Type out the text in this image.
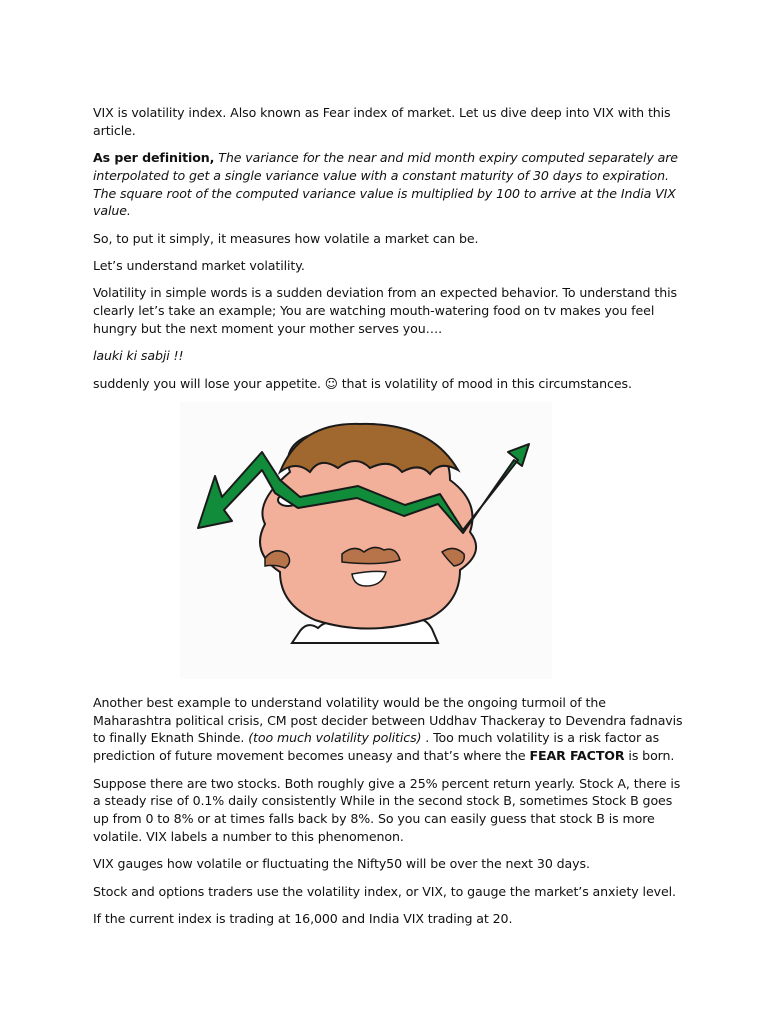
VIX is volatility index. Also known as Fear index of market. Let us dive deep into VIX with this article.

As per definition, The variance for the near and mid month expiry computed separately are interpolated to get a single variance value with a constant maturity of 30 days to expiration. The square root of the computed variance value is multiplied by 100 to arrive at the India VIX value.

So, to put it simply, it measures how volatile a market can be.

Let’s understand market volatility.

Volatility in simple words is a sudden deviation from an expected behavior. To understand this clearly let’s take an example; You are watching mouth-watering food on tv makes you feel hungry but the next moment your mother serves you….

lauki ki sabji !!

suddenly you will lose your appetite. ☺ that is volatility of mood in this circumstances.

Another best example to understand volatility would be the ongoing turmoil of the Maharashtra political crisis, CM post decider between Uddhav Thackeray to Devendra fadnavis to finally Eknath Shinde. (too much volatility politics) . Too much volatility is a risk factor as prediction of future movement becomes uneasy and that’s where the FEAR FACTOR is born.

Suppose there are two stocks. Both roughly give a 25% percent return yearly. Stock A, there is a steady rise of 0.1% daily consistently While in the second stock B, sometimes Stock B goes up from 0 to 8% or at times falls back by 8%. So you can easily guess that stock B is more volatile. VIX labels a number to this phenomenon.

VIX gauges how volatile or fluctuating the Nifty50 will be over the next 30 days.

Stock and options traders use the volatility index, or VIX, to gauge the market’s anxiety level.

If the current index is trading at 16,000 and India VIX trading at 20.
